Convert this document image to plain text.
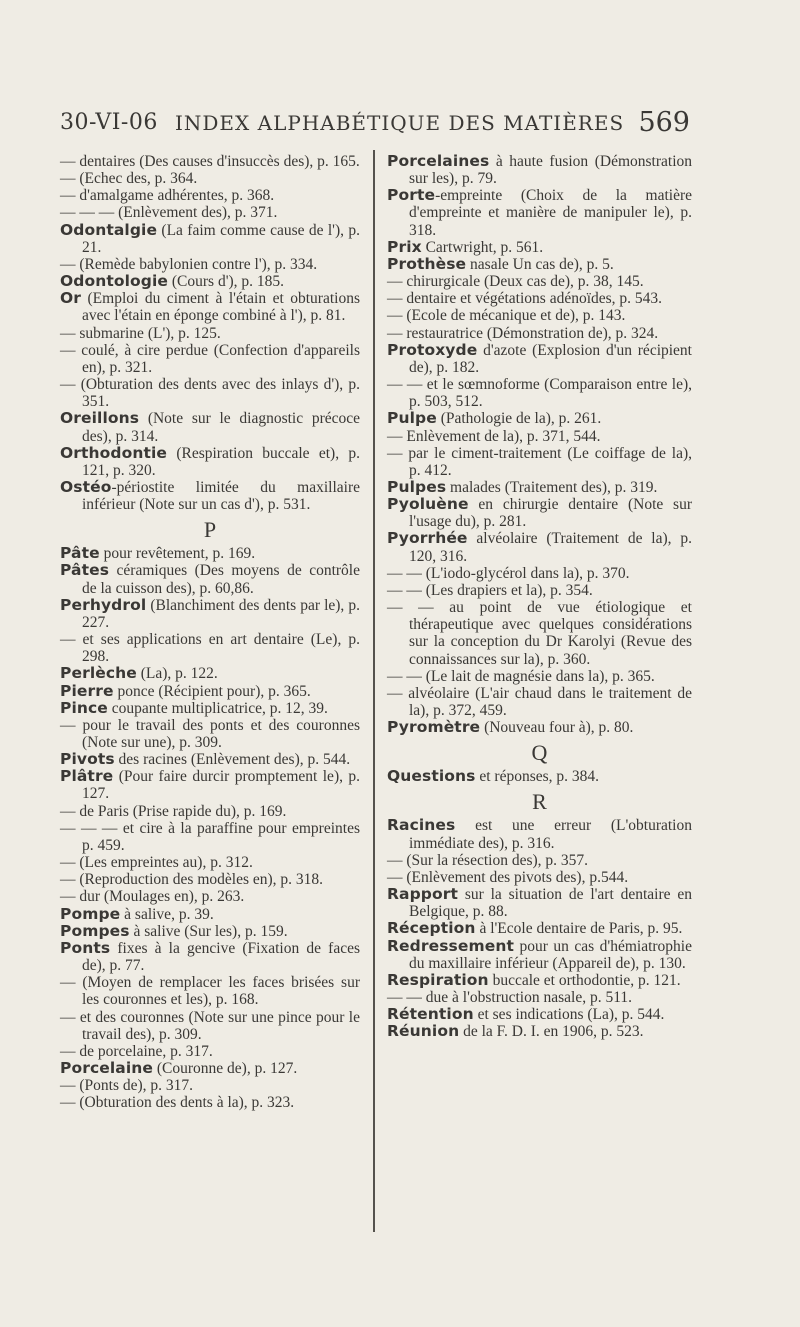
30-VI-06 INDEX ALPHABÉTIQUE DES MATIÈRES 569

— dentaires (Des causes d'insuccès des), p. 165.

— (Echec des, p. 364.

— d'amalgame adhérentes, p. 368.

— — — (Enlèvement des), p. 371.

Odontalgie (La faim comme cause de l'), p. 21.

— (Remède babylonien contre l'), p. 334.

Odontologie (Cours d'), p. 185.

Or (Emploi du ciment à l'étain et obturations avec l'étain en éponge combiné à l'), p. 81.

— submarine (L'), p. 125.

— coulé, à cire perdue (Confection d'appareils en), p. 321.

— (Obturation des dents avec des inlays d'), p. 351.

Oreillons (Note sur le diagnostic précoce des), p. 314.

Orthodontie (Respiration buccale et), p. 121, p. 320.

Ostéo-périostite limitée du maxillaire inférieur (Note sur un cas d'), p. 531.

P

Pâte pour revêtement, p. 169.

Pâtes céramiques (Des moyens de contrôle de la cuisson des), p. 60,86.

Perhydrol (Blanchiment des dents par le), p. 227.

— et ses applications en art dentaire (Le), p. 298.

Perlèche (La), p. 122.

Pierre ponce (Récipient pour), p. 365.

Pince coupante multiplicatrice, p. 12, 39.

— pour le travail des ponts et des couronnes (Note sur une), p. 309.

Pivots des racines (Enlèvement des), p. 544.

Plâtre (Pour faire durcir promptement le), p. 127.

— de Paris (Prise rapide du), p. 169.

— — — et cire à la paraffine pour empreintes p. 459.

— (Les empreintes au), p. 312.

— (Reproduction des modèles en), p. 318.

— dur (Moulages en), p. 263.

Pompe à salive, p. 39.

Pompes à salive (Sur les), p. 159.

Ponts fixes à la gencive (Fixation de faces de), p. 77.

— (Moyen de remplacer les faces brisées sur les couronnes et les), p. 168.

— et des couronnes (Note sur une pince pour le travail des), p. 309.

— de porcelaine, p. 317.

Porcelaine (Couronne de), p. 127.

— (Ponts de), p. 317.

— (Obturation des dents à la), p. 323.

Porcelaines à haute fusion (Démonstration sur les), p. 79.

Porte-empreinte (Choix de la matière d'empreinte et manière de manipuler le), p. 318.

Prix Cartwright, p. 561.

Prothèse nasale Un cas de), p. 5.

— chirurgicale (Deux cas de), p. 38, 145.

— dentaire et végétations adénoïdes, p. 543.

— (Ecole de mécanique et de), p. 143.

— restauratrice (Démonstration de), p. 324.

Protoxyde d'azote (Explosion d'un récipient de), p. 182.

— — et le sœmnoforme (Comparaison entre le), p. 503, 512.

Pulpe (Pathologie de la), p. 261.

— Enlèvement de la), p. 371, 544.

— par le ciment-traitement (Le coiffage de la), p. 412.

Pulpes malades (Traitement des), p. 319.

Pyoluène en chirurgie dentaire (Note sur l'usage du), p. 281.

Pyorrhée alvéolaire (Traitement de la), p. 120, 316.

— — (L'iodo-glycérol dans la), p. 370.

— — (Les drapiers et la), p. 354.

— — au point de vue étiologique et thérapeutique avec quelques considérations sur la conception du Dr Karolyi (Revue des connaissances sur la), p. 360.

— — (Le lait de magnésie dans la), p. 365.

— alvéolaire (L'air chaud dans le traitement de la), p. 372, 459.

Pyromètre (Nouveau four à), p. 80.

Q

Questions et réponses, p. 384.

R

Racines est une erreur (L'obturation immédiate des), p. 316.

— (Sur la résection des), p. 357.

— (Enlèvement des pivots des), p.544.

Rapport sur la situation de l'art dentaire en Belgique, p. 88.

Réception à l'Ecole dentaire de Paris, p. 95.

Redressement pour un cas d'hémiatrophie du maxillaire inférieur (Appareil de), p. 130.

Respiration buccale et orthodontie, p. 121.

— — due à l'obstruction nasale, p. 511.

Rétention et ses indications (La), p. 544.

Réunion de la F. D. I. en 1906, p. 523.
